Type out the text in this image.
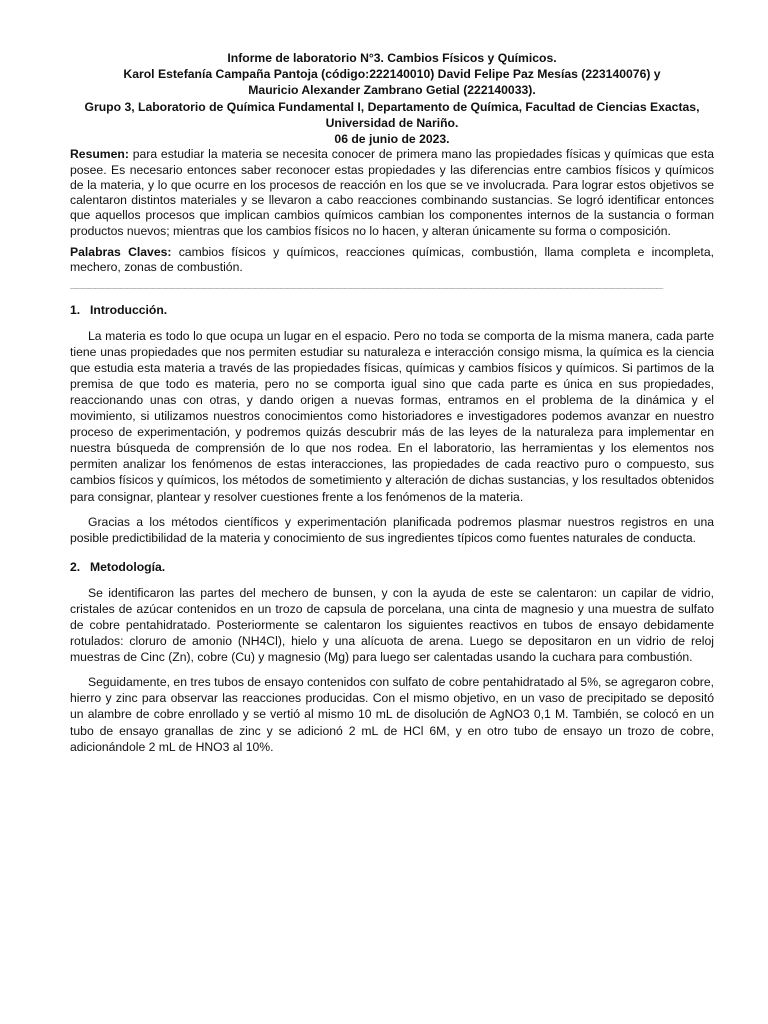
Informe de laboratorio N°3. Cambios Físicos y Químicos.
Karol Estefanía Campaña Pantoja (código:222140010) David Felipe Paz Mesías (223140076) y
Mauricio Alexander Zambrano Getial (222140033).
Grupo 3, Laboratorio de Química Fundamental I, Departamento de Química, Facultad de Ciencias Exactas,
Universidad de Nariño.
06 de junio de 2023.
Resumen: para estudiar la materia se necesita conocer de primera mano las propiedades físicas y químicas que esta posee. Es necesario entonces saber reconocer estas propiedades y las diferencias entre cambios físicos y químicos de la materia, y lo que ocurre en los procesos de reacción en los que se ve involucrada. Para lograr estos objetivos se calentaron distintos materiales y se llevaron a cabo reacciones combinando sustancias. Se logró identificar entonces que aquellos procesos que implican cambios químicos cambian los componentes internos de la sustancia o forman productos nuevos; mientras que los cambios físicos no lo hacen, y alteran únicamente su forma o composición.
Palabras Claves: cambios físicos y químicos, reacciones químicas, combustión, llama completa e incompleta, mechero, zonas de combustión.
_____________________________________________________________________________________________
1. Introducción.
La materia es todo lo que ocupa un lugar en el espacio. Pero no toda se comporta de la misma manera, cada parte tiene unas propiedades que nos permiten estudiar su naturaleza e interacción consigo misma, la química es la ciencia que estudia esta materia a través de las propiedades físicas, químicas y cambios físicos y químicos. Si partimos de la premisa de que todo es materia, pero no se comporta igual sino que cada parte es única en sus propiedades, reaccionando unas con otras, y dando origen a nuevas formas, entramos en el problema de la dinámica y el movimiento, si utilizamos nuestros conocimientos como historiadores e investigadores podemos avanzar en nuestro proceso de experimentación, y podremos quizás descubrir más de las leyes de la naturaleza para implementar en nuestra búsqueda de comprensión de lo que nos rodea. En el laboratorio, las herramientas y los elementos nos permiten analizar los fenómenos de estas interacciones, las propiedades de cada reactivo puro o compuesto, sus cambios físicos y químicos, los métodos de sometimiento y alteración de dichas sustancias, y los resultados obtenidos para consignar, plantear y resolver cuestiones frente a los fenómenos de la materia.
Gracias a los métodos científicos y experimentación planificada podremos plasmar nuestros registros en una posible predictibilidad de la materia y conocimiento de sus ingredientes típicos como fuentes naturales de conducta.
2. Metodología.
Se identificaron las partes del mechero de bunsen, y con la ayuda de este se calentaron: un capilar de vidrio, cristales de azúcar contenidos en un trozo de capsula de porcelana, una cinta de magnesio y una muestra de sulfato de cobre pentahidratado. Posteriormente se calentaron los siguientes reactivos en tubos de ensayo debidamente rotulados: cloruro de amonio (NH4Cl), hielo y una alícuota de arena. Luego se depositaron en un vidrio de reloj muestras de Cinc (Zn), cobre (Cu) y magnesio (Mg) para luego ser calentadas usando la cuchara para combustión.
Seguidamente, en tres tubos de ensayo contenidos con sulfato de cobre pentahidratado al 5%, se agregaron cobre, hierro y zinc para observar las reacciones producidas. Con el mismo objetivo, en un vaso de precipitado se depositó un alambre de cobre enrollado y se vertió al mismo 10 mL de disolución de AgNO3 0,1 M. También, se colocó en un tubo de ensayo granallas de zinc y se adicionó 2 mL de HCl 6M, y en otro tubo de ensayo un trozo de cobre, adicionándole 2 mL de HNO3 al 10%.
